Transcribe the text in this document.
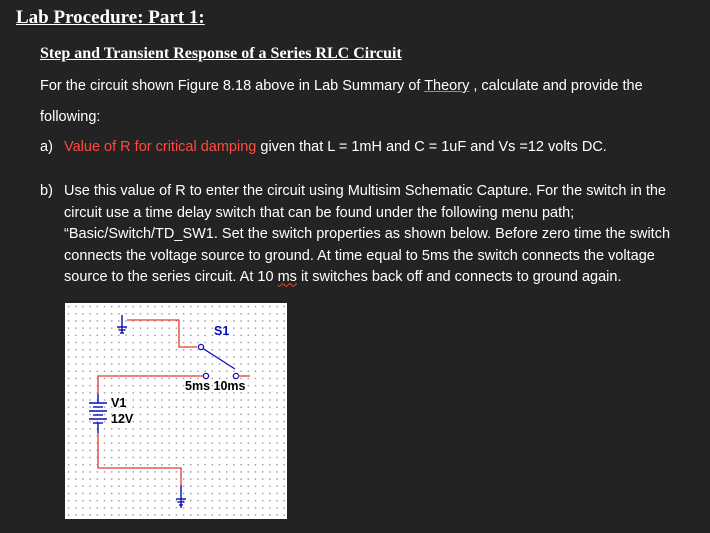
Lab Procedure: Part 1:
Step and Transient Response of a Series RLC Circuit
For the circuit shown Figure 8.18 above in Lab Summary of Theory , calculate and provide the
following:
a) Value of R for critical damping given that L = 1mH and C = 1uF and Vs =12 volts DC.
b) Use this value of R to enter the circuit using Multisim Schematic Capture. For the switch in the circuit use a time delay switch that can be found under the following menu path; “Basic/Switch/TD_SW1. Set the switch properties as shown below. Before zero time the switch connects the voltage source to ground. At time equal to 5ms the switch connects the voltage source to the series circuit. At 10 ms it switches back off and connects to ground again.
S1
5ms 10ms
V1
12V
